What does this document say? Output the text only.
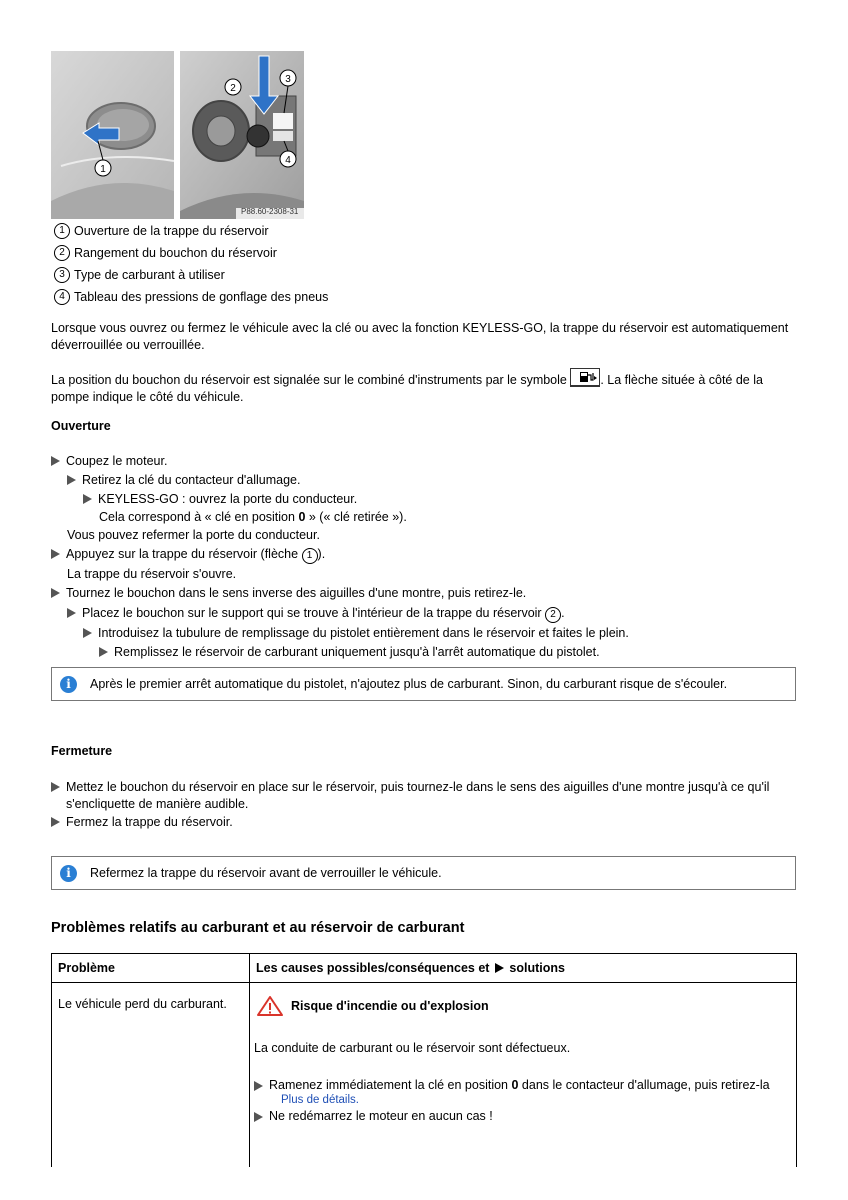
1
2
3
4
P88.60-2308-31
1 Ouverture de la trappe du réservoir
2 Rangement du bouchon du réservoir
3 Type de carburant à utiliser
4 Tableau des pressions de gonflage des pneus
Lorsque vous ouvrez ou fermez le véhicule avec la clé ou avec la fonction KEYLESS-GO, la trappe du réservoir est automatiquement déverrouillée ou verrouillée.
La position du bouchon du réservoir est signalée sur le combiné d'instruments par le symbole
. La flèche située à côté de la pompe indique le côté du véhicule.
Ouverture
Coupez le moteur.
Retirez la clé du contacteur d'allumage.
KEYLESS-GO : ouvrez la porte du conducteur.
Cela correspond à « clé en position 0 » (« clé retirée »).
Vous pouvez refermer la porte du conducteur.
Appuyez sur la trappe du réservoir (flèche 1 ).
La trappe du réservoir s'ouvre.
Tournez le bouchon dans le sens inverse des aiguilles d'une montre, puis retirez-le.
Placez le bouchon sur le support qui se trouve à l'intérieur de la trappe du réservoir 2 .
Introduisez la tubulure de remplissage du pistolet entièrement dans le réservoir et faites le plein.
Remplissez le réservoir de carburant uniquement jusqu'à l'arrêt automatique du pistolet.
i	Après le premier arrêt automatique du pistolet, n'ajoutez plus de carburant. Sinon, du carburant risque de s'écouler.
Fermeture
Mettez le bouchon du réservoir en place sur le réservoir, puis tournez-le dans le sens des aiguilles d'une montre jusqu'à ce qu'il s'encliquette de manière audible.
Fermez la trappe du réservoir.
i	Refermez la trappe du réservoir avant de verrouiller le véhicule.
Problèmes relatifs au carburant et au réservoir de carburant
Problème	Les causes possibles/conséquences et  solutions
Le véhicule perd du carburant.	Risque d'incendie ou d'explosion
La conduite de carburant ou le réservoir sont défectueux.
Ramenez immédiatement la clé en position 0 dans le contacteur d'allumage, puis retirez-la
Plus de détails.
Ne redémarrez le moteur en aucun cas !
